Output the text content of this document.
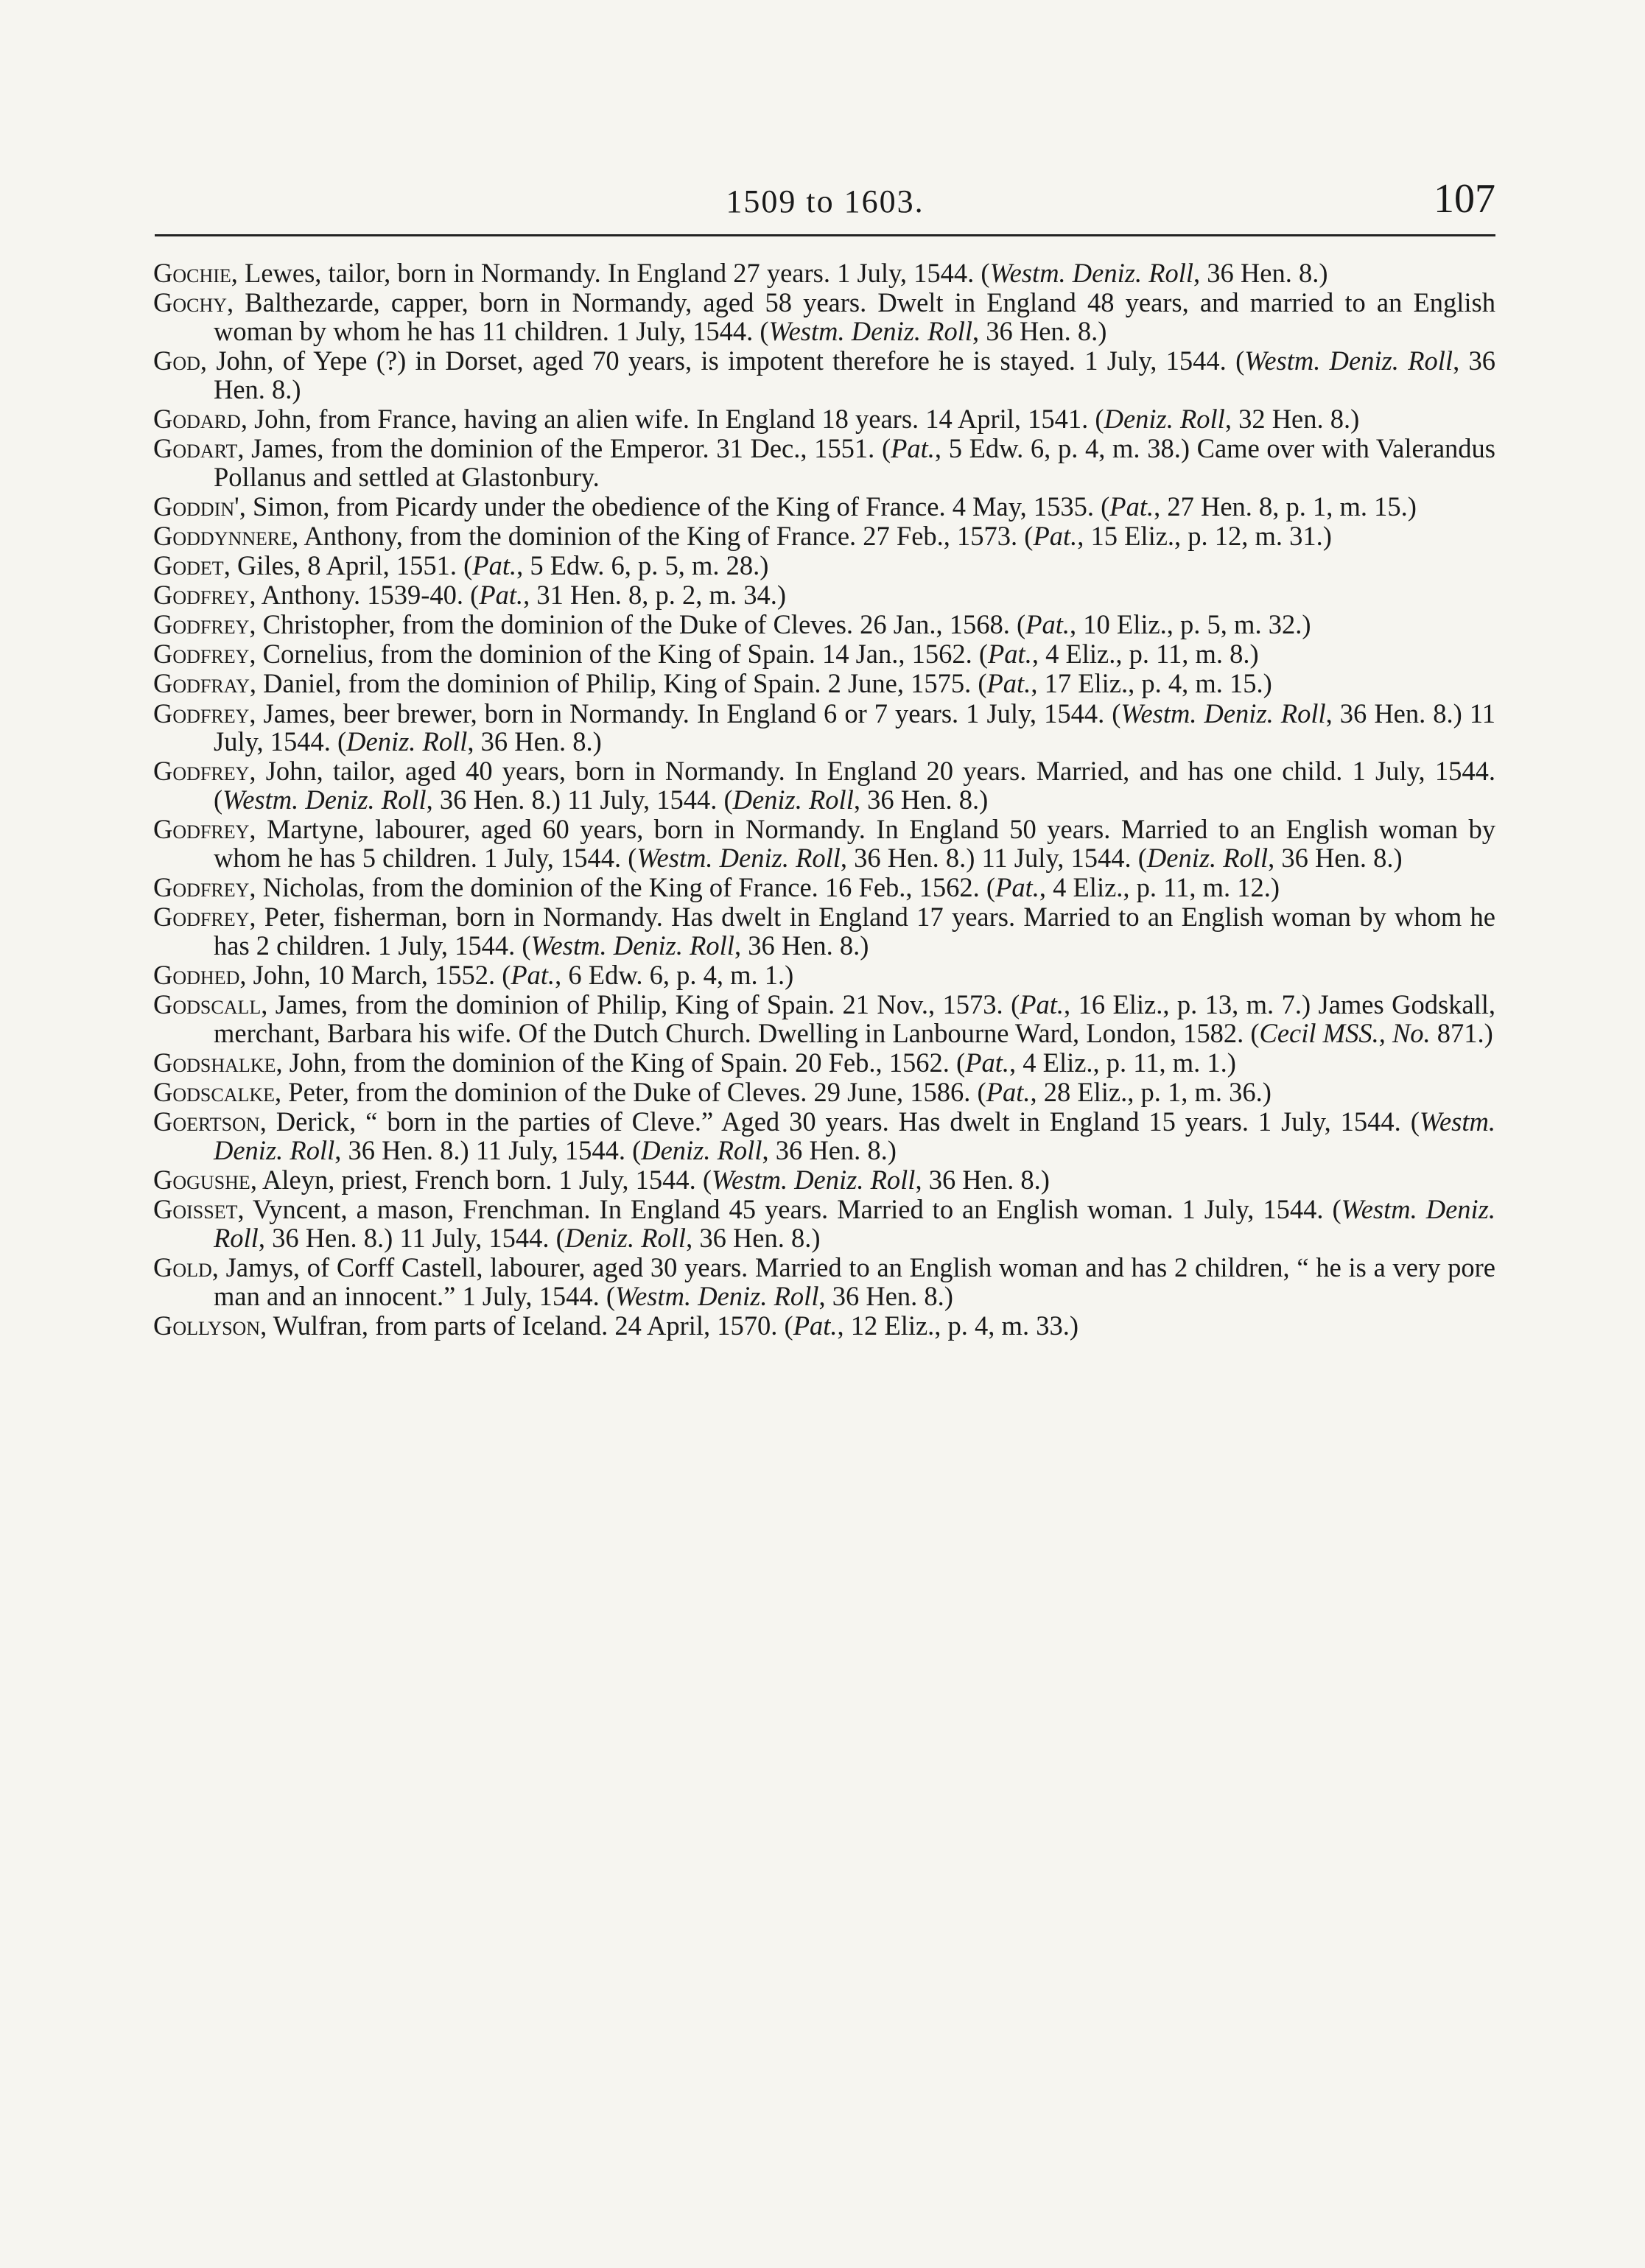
1509 to 1603.	107

Gochie, Lewes, tailor, born in Normandy. In England 27 years. 1 July, 1544. (Westm. Deniz. Roll, 36 Hen. 8.)

Gochy, Balthezarde, capper, born in Normandy, aged 58 years. Dwelt in England 48 years, and married to an English woman by whom he has 11 children. 1 July, 1544. (Westm. Deniz. Roll, 36 Hen. 8.)

God, John, of Yepe (?) in Dorset, aged 70 years, is impotent therefore he is stayed. 1 July, 1544. (Westm. Deniz. Roll, 36 Hen. 8.)

Godard, John, from France, having an alien wife. In England 18 years. 14 April, 1541. (Deniz. Roll, 32 Hen. 8.)

Godart, James, from the dominion of the Emperor. 31 Dec., 1551. (Pat., 5 Edw. 6, p. 4, m. 38.) Came over with Valerandus Pollanus and settled at Glastonbury.

Goddin', Simon, from Picardy under the obedience of the King of France. 4 May, 1535. (Pat., 27 Hen. 8, p. 1, m. 15.)

Goddynnere, Anthony, from the dominion of the King of France. 27 Feb., 1573. (Pat., 15 Eliz., p. 12, m. 31.)

Godet, Giles, 8 April, 1551. (Pat., 5 Edw. 6, p. 5, m. 28.)

Godfrey, Anthony. 1539-40. (Pat., 31 Hen. 8, p. 2, m. 34.)

Godfrey, Christopher, from the dominion of the Duke of Cleves. 26 Jan., 1568. (Pat., 10 Eliz., p. 5, m. 32.)

Godfrey, Cornelius, from the dominion of the King of Spain. 14 Jan., 1562. (Pat., 4 Eliz., p. 11, m. 8.)

Godfray, Daniel, from the dominion of Philip, King of Spain. 2 June, 1575. (Pat., 17 Eliz., p. 4, m. 15.)

Godfrey, James, beer brewer, born in Normandy. In England 6 or 7 years. 1 July, 1544. (Westm. Deniz. Roll, 36 Hen. 8.) 11 July, 1544. (Deniz. Roll, 36 Hen. 8.)

Godfrey, John, tailor, aged 40 years, born in Normandy. In England 20 years. Married, and has one child. 1 July, 1544. (Westm. Deniz. Roll, 36 Hen. 8.) 11 July, 1544. (Deniz. Roll, 36 Hen. 8.)

Godfrey, Martyne, labourer, aged 60 years, born in Normandy. In England 50 years. Married to an English woman by whom he has 5 children. 1 July, 1544. (Westm. Deniz. Roll, 36 Hen. 8.) 11 July, 1544. (Deniz. Roll, 36 Hen. 8.)

Godfrey, Nicholas, from the dominion of the King of France. 16 Feb., 1562. (Pat., 4 Eliz., p. 11, m. 12.)

Godfrey, Peter, fisherman, born in Normandy. Has dwelt in England 17 years. Married to an English woman by whom he has 2 children. 1 July, 1544. (Westm. Deniz. Roll, 36 Hen. 8.)

Godhed, John, 10 March, 1552. (Pat., 6 Edw. 6, p. 4, m. 1.)

Godscall, James, from the dominion of Philip, King of Spain. 21 Nov., 1573. (Pat., 16 Eliz., p. 13, m. 7.) James Godskall, merchant, Barbara his wife. Of the Dutch Church. Dwelling in Lanbourne Ward, London, 1582. (Cecil MSS., No. 871.)

Godshalke, John, from the dominion of the King of Spain. 20 Feb., 1562. (Pat., 4 Eliz., p. 11, m. 1.)

Godscalke, Peter, from the dominion of the Duke of Cleves. 29 June, 1586. (Pat., 28 Eliz., p. 1, m. 36.)

Goertson, Derick, “ born in the parties of Cleve.” Aged 30 years. Has dwelt in England 15 years. 1 July, 1544. (Westm. Deniz. Roll, 36 Hen. 8.) 11 July, 1544. (Deniz. Roll, 36 Hen. 8.)

Gogushe, Aleyn, priest, French born. 1 July, 1544. (Westm. Deniz. Roll, 36 Hen. 8.)

Goisset, Vyncent, a mason, Frenchman. In England 45 years. Married to an English woman. 1 July, 1544. (Westm. Deniz. Roll, 36 Hen. 8.) 11 July, 1544. (Deniz. Roll, 36 Hen. 8.)

Gold, Jamys, of Corff Castell, labourer, aged 30 years. Married to an English woman and has 2 children, “ he is a very pore man and an innocent.” 1 July, 1544. (Westm. Deniz. Roll, 36 Hen. 8.)

Gollyson, Wulfran, from parts of Iceland. 24 April, 1570. (Pat., 12 Eliz., p. 4, m. 33.)
